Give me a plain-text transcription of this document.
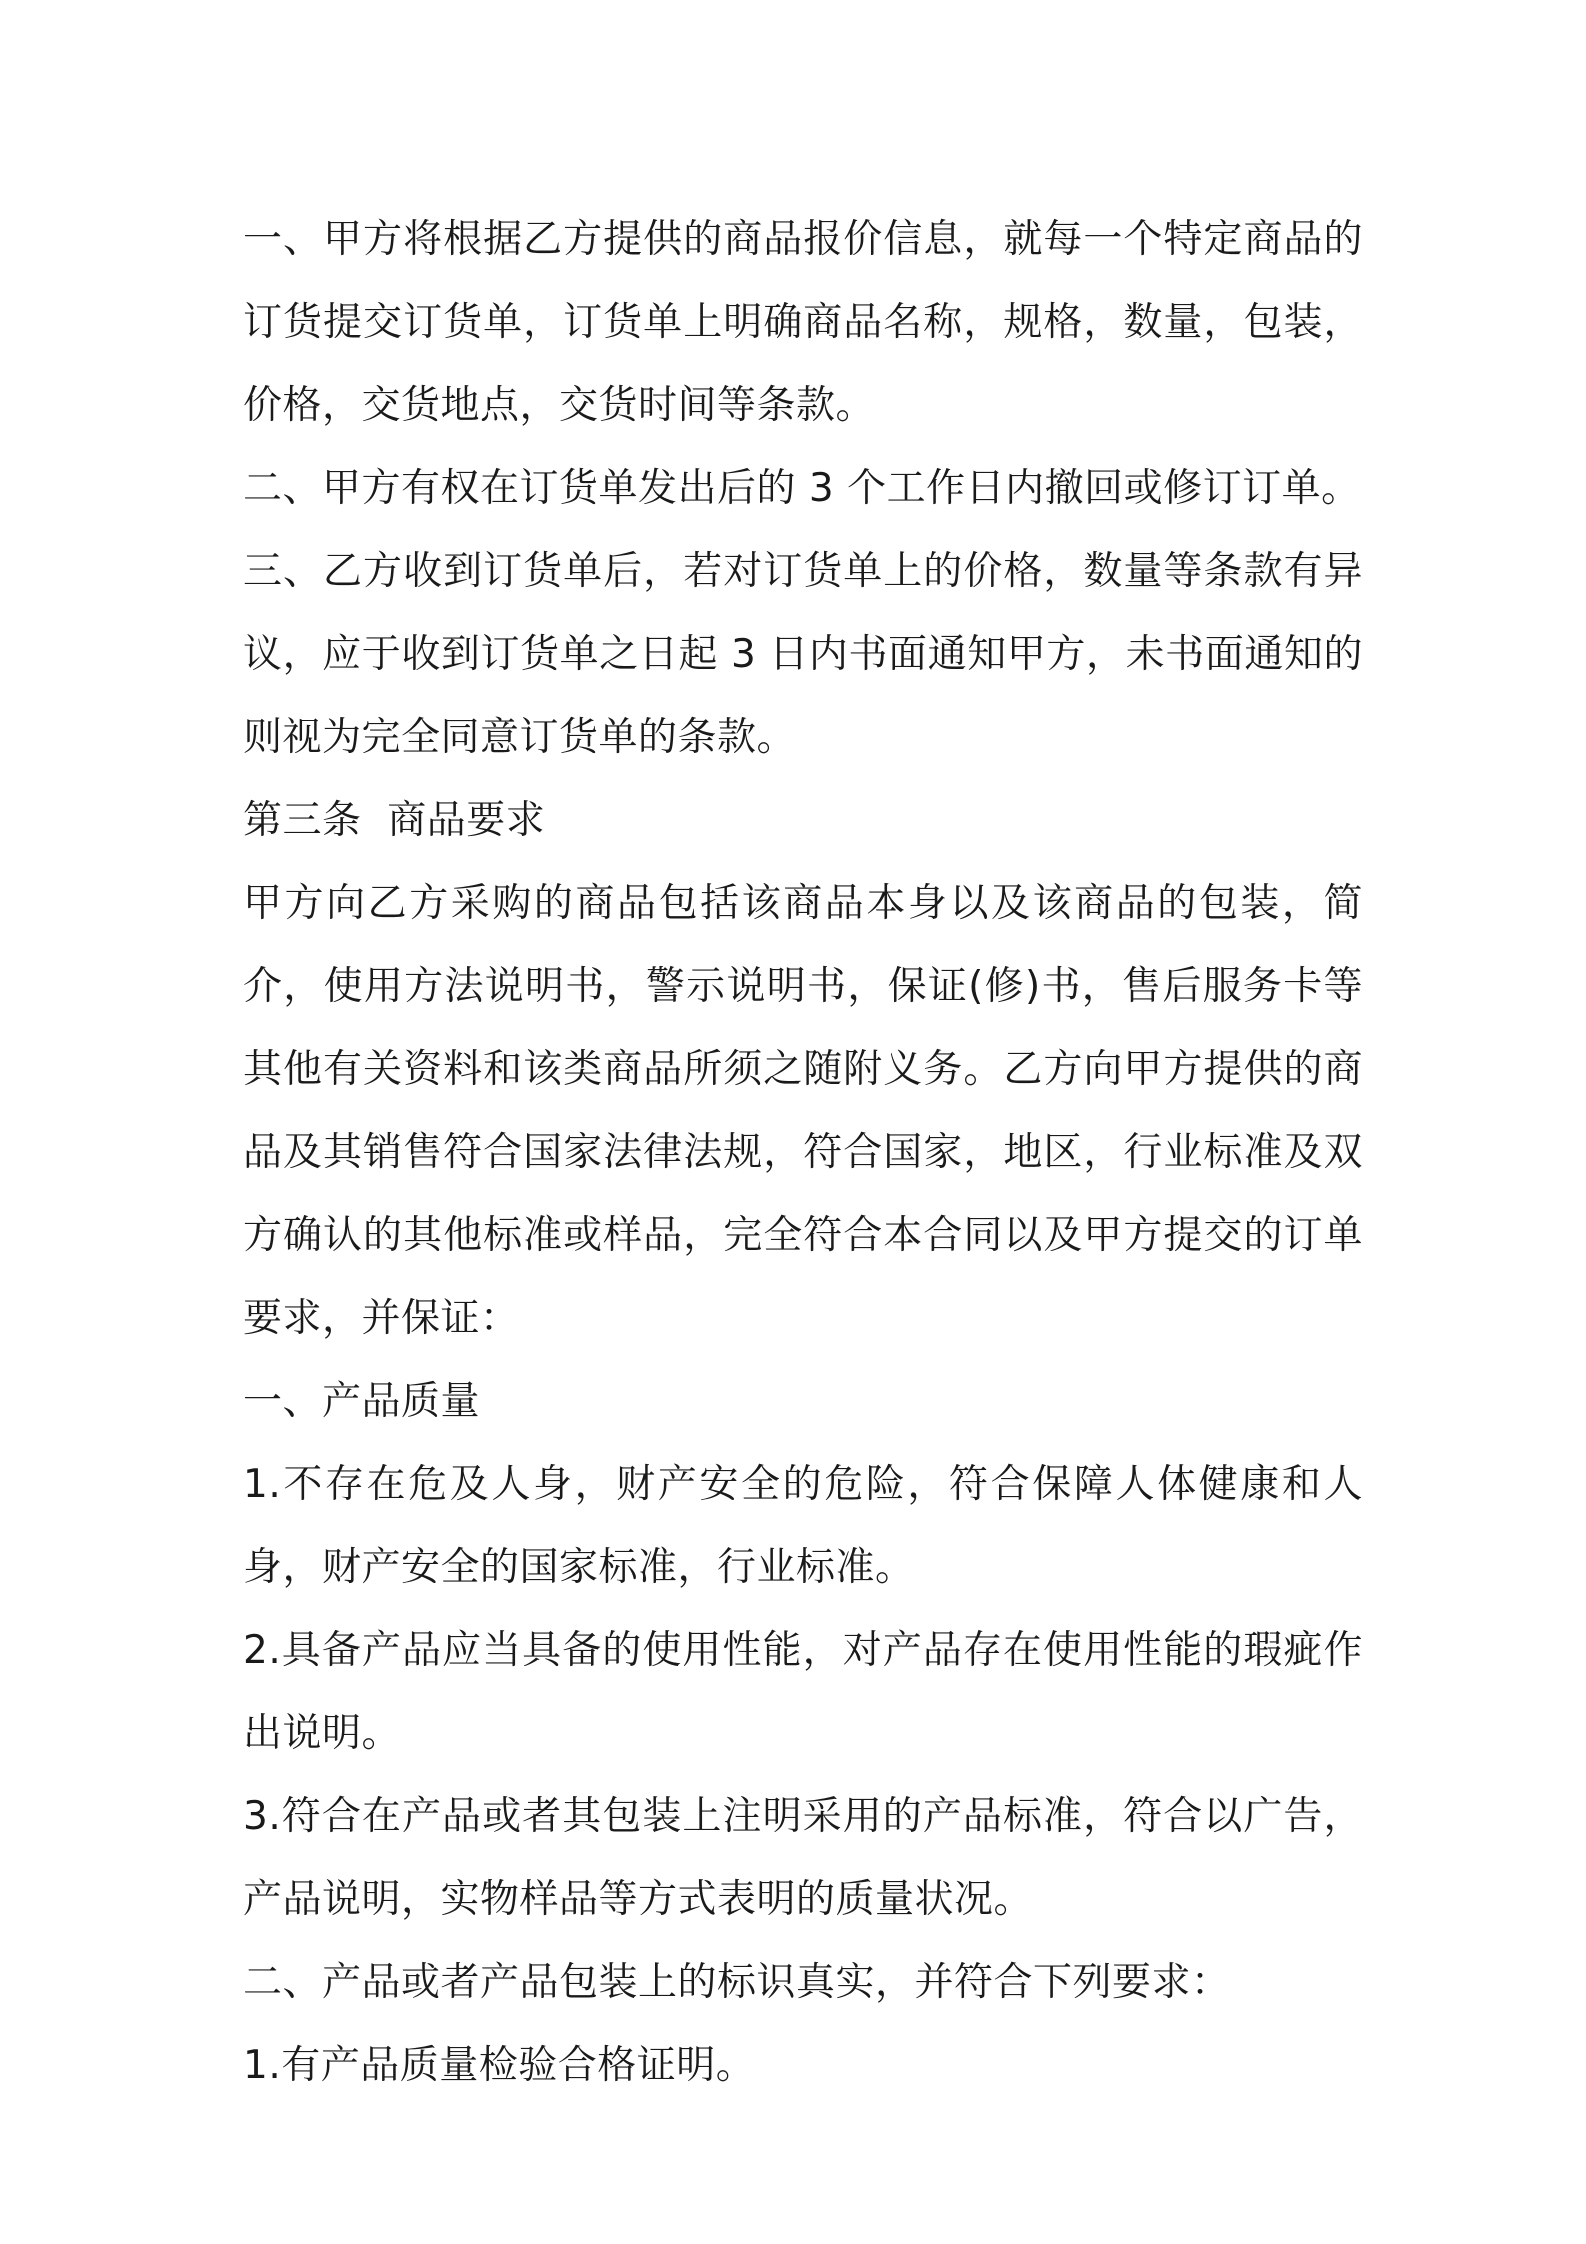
一、甲方将根据乙方提供的商品报价信息，就每一个特定商品的订货提交订货单，订货单上明确商品名称，规格，数量，包装，价格，交货地点，交货时间等条款。

二、甲方有权在订货单发出后的 3 个工作日内撤回或修订订单。

三、乙方收到订货单后，若对订货单上的价格，数量等条款有异议，应于收到订货单之日起 3 日内书面通知甲方，未书面通知的则视为完全同意订货单的条款。

第三条  商品要求

甲方向乙方采购的商品包括该商品本身以及该商品的包装，简介，使用方法说明书，警示说明书，保证(修)书，售后服务卡等其他有关资料和该类商品所须之随附义务。乙方向甲方提供的商品及其销售符合国家法律法规，符合国家，地区，行业标准及双方确认的其他标准或样品，完全符合本合同以及甲方提交的订单要求，并保证：

一、产品质量

1.不存在危及人身，财产安全的危险，符合保障人体健康和人身，财产安全的国家标准，行业标准。

2.具备产品应当具备的使用性能，对产品存在使用性能的瑕疵作出说明。

3.符合在产品或者其包装上注明采用的产品标准，符合以广告，产品说明，实物样品等方式表明的质量状况。

二、产品或者产品包装上的标识真实，并符合下列要求：

1.有产品质量检验合格证明。
